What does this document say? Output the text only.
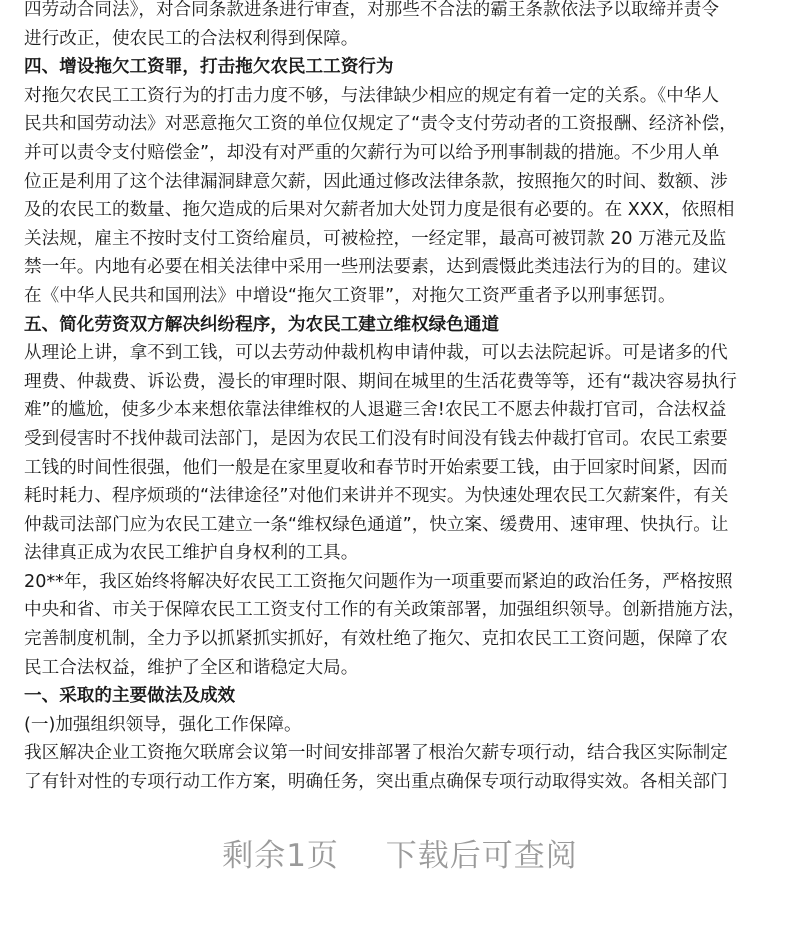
四劳动合同法》，对合同条款进条进行审查，对那些不合法的霸王条款依法予以取缔并责令
进行改正，使农民工的合法权利得到保障。
四、增设拖欠工资罪，打击拖欠农民工工资行为
对拖欠农民工工资行为的打击力度不够，与法律缺少相应的规定有着一定的关系。《中华人
民共和国劳动法》对恶意拖欠工资的单位仅规定了“责令支付劳动者的工资报酬、经济补偿，
并可以责令支付赔偿金”，却没有对严重的欠薪行为可以给予刑事制裁的措施。不少用人单
位正是利用了这个法律漏洞肆意欠薪，因此通过修改法律条款，按照拖欠的时间、数额、涉
及的农民工的数量、拖欠造成的后果对欠薪者加大处罚力度是很有必要的。在 XXX，依照相
关法规，雇主不按时支付工资给雇员，可被检控，一经定罪，最高可被罚款 20 万港元及监
禁一年。内地有必要在相关法律中采用一些刑法要素，达到震慑此类违法行为的目的。建议
在《中华人民共和国刑法》中增设“拖欠工资罪”，对拖欠工资严重者予以刑事惩罚。
五、简化劳资双方解决纠纷程序，为农民工建立维权绿色通道
从理论上讲，拿不到工钱，可以去劳动仲裁机构申请仲裁，可以去法院起诉。可是诸多的代
理费、仲裁费、诉讼费，漫长的审理时限、期间在城里的生活花费等等，还有“裁决容易执行
难”的尴尬，使多少本来想依靠法律维权的人退避三舍!农民工不愿去仲裁打官司，合法权益
受到侵害时不找仲裁司法部门，是因为农民工们没有时间没有钱去仲裁打官司。农民工索要
工钱的时间性很强，他们一般是在家里夏收和春节时开始索要工钱，由于回家时间紧，因而
耗时耗力、程序烦琐的“法律途径”对他们来讲并不现实。为快速处理农民工欠薪案件，有关
仲裁司法部门应为农民工建立一条“维权绿色通道”，快立案、缓费用、速审理、快执行。让
法律真正成为农民工维护自身权利的工具。
20**年，我区始终将解决好农民工工资拖欠问题作为一项重要而紧迫的政治任务，严格按照
中央和省、市关于保障农民工工资支付工作的有关政策部署，加强组织领导。创新措施方法，
完善制度机制，全力予以抓紧抓实抓好，有效杜绝了拖欠、克扣农民工工资问题，保障了农
民工合法权益，维护了全区和谐稳定大局。
一、采取的主要做法及成效
(一)加强组织领导，强化工作保障。
我区解决企业工资拖欠联席会议第一时间安排部署了根治欠薪专项行动，结合我区实际制定
了有针对性的专项行动工作方案，明确任务，突出重点确保专项行动取得实效。各相关部门
剩余1页 下载后可查阅
